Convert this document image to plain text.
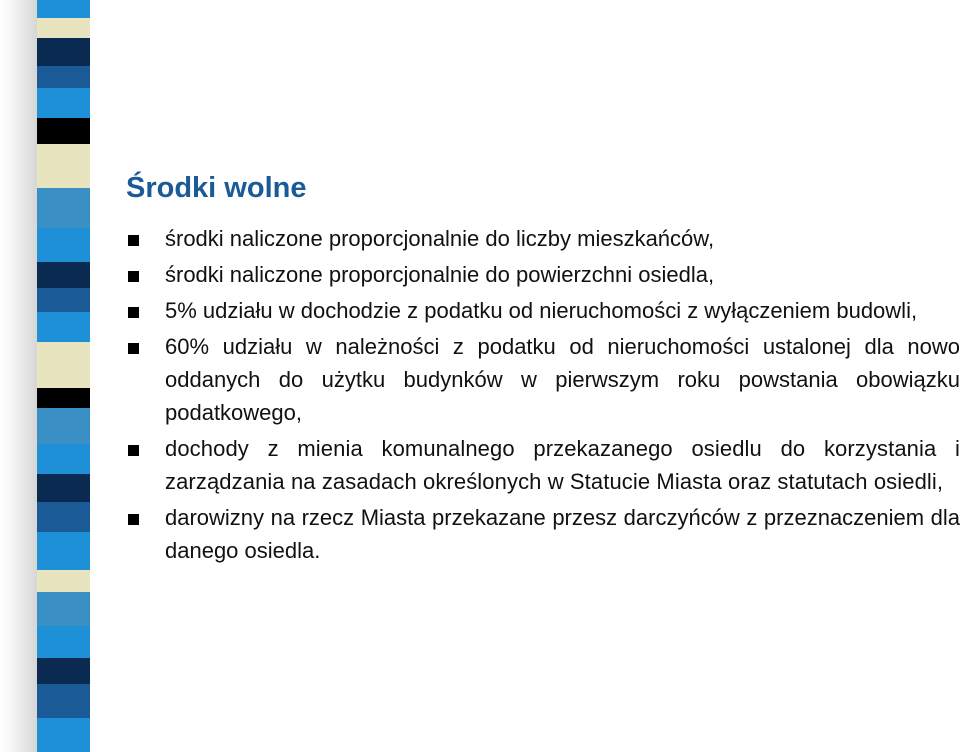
Środki wolne
środki naliczone proporcjonalnie do liczby mieszkańców,
środki naliczone proporcjonalnie do powierzchni osiedla,
5% udziału w dochodzie z podatku od nieruchomości z wyłączeniem budowli,
60% udziału w należności z podatku od nieruchomości ustalonej dla nowo oddanych do użytku budynków w pierwszym roku powstania obowiązku podatkowego,
dochody z mienia komunalnego przekazanego osiedlu do korzystania i zarządzania na zasadach określonych w Statucie Miasta oraz statutach osiedli,
darowizny na rzecz Miasta przekazane przesz darczyńców z przeznaczeniem dla danego osiedla.
